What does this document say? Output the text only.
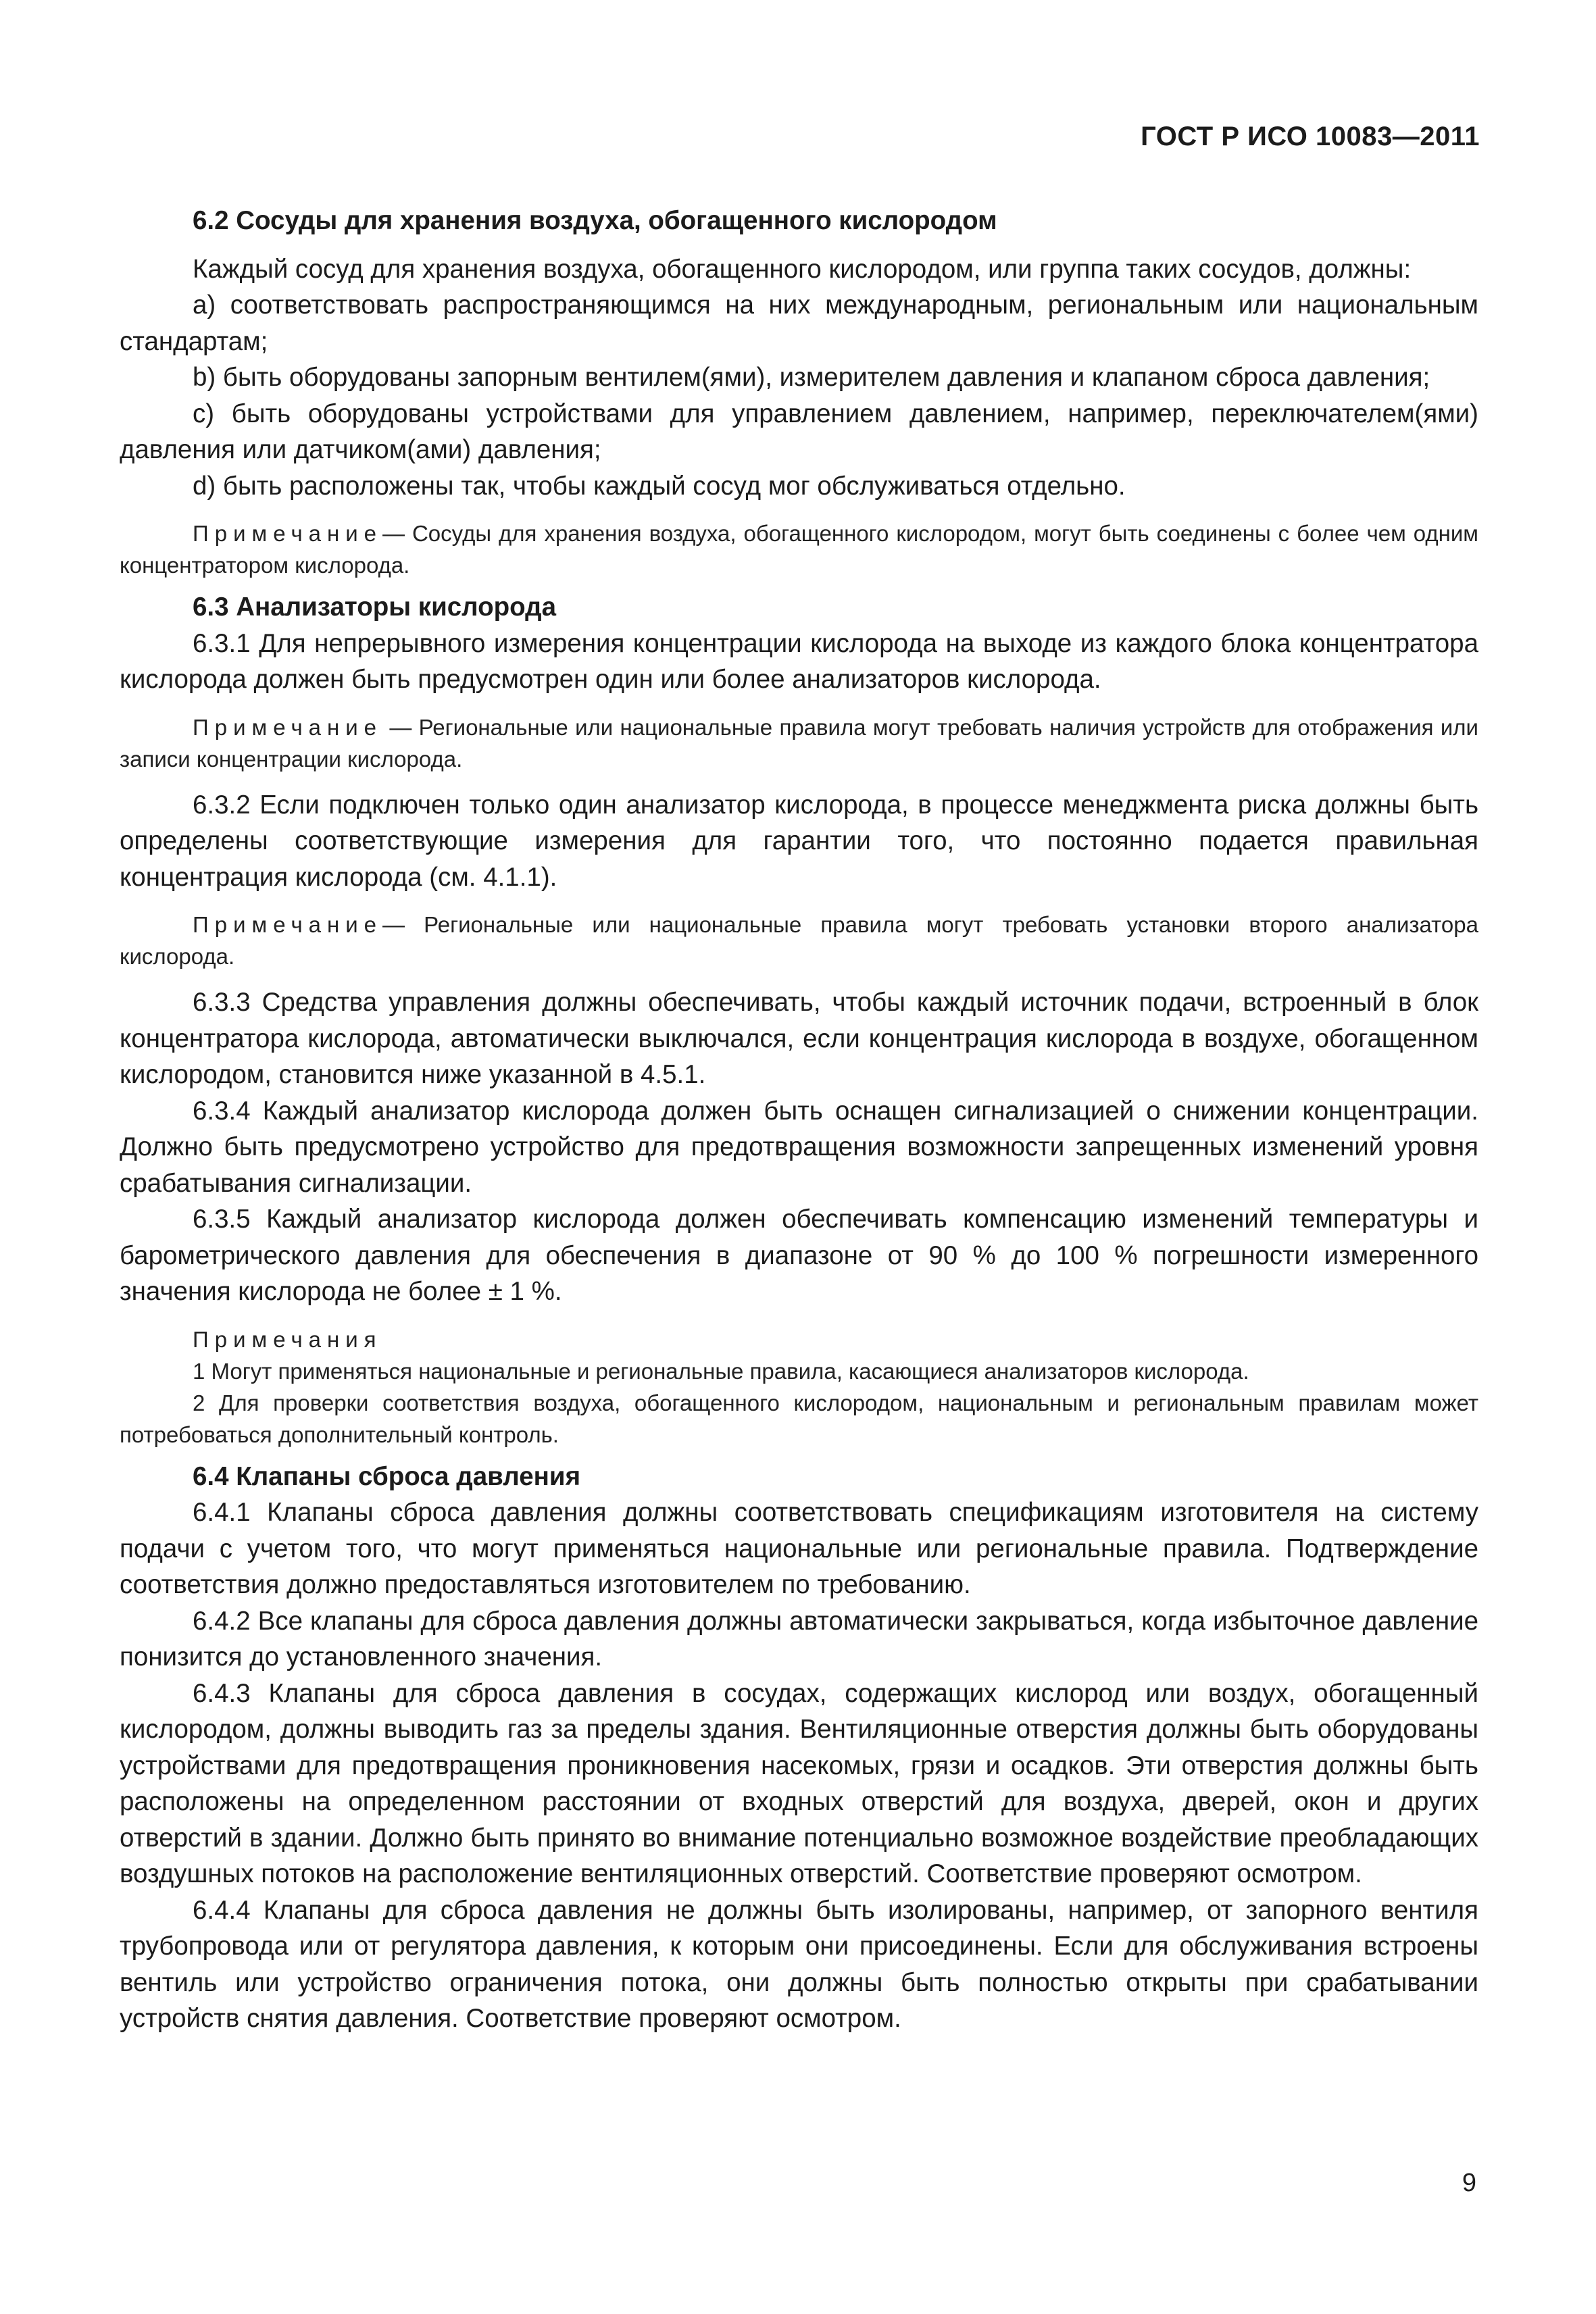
ГОСТ Р ИСО 10083—2011
6.2 Сосуды для хранения воздуха, обогащенного кислородом

Каждый сосуд для хранения воздуха, обогащенного кислородом, или группа таких сосудов, должны:

а) соответствовать распространяющимся на них международным, региональным или национальным стандартам;

b) быть оборудованы запорным вентилем(ями), измерителем давления и клапаном сброса давления;

с) быть оборудованы устройствами для управлением давлением, например, переключателем(ями) давления или датчиком(ами) давления;

d) быть расположены так, чтобы каждый сосуд мог обслуживаться отдельно.

Примечание— Сосуды для хранения воздуха, обогащенного кислородом, могут быть соединены с более чем одним концентратором кислорода.

6.3 Анализаторы кислорода

6.3.1 Для непрерывного измерения концентрации кислорода на выходе из каждого блока концентратора кислорода должен быть предусмотрен один или более анализаторов кислорода.

Примечание — Региональные или национальные правила могут требовать наличия устройств для отображения или записи концентрации кислорода.

6.3.2 Если подключен только один анализатор кислорода, в процессе менеджмента риска должны быть определены соответствующие измерения для гарантии того, что постоянно подается правильная концентрация кислорода (см. 4.1.1).

Примечание— Региональные или национальные правила могут требовать установки второго анализатора кислорода.

6.3.3 Средства управления должны обеспечивать, чтобы каждый источник подачи, встроенный в блок концентратора кислорода, автоматически выключался, если концентрация кислорода в воздухе, обогащенном кислородом, становится ниже указанной в 4.5.1.

6.3.4 Каждый анализатор кислорода должен быть оснащен сигнализацией о снижении концентрации. Должно быть предусмотрено устройство для предотвращения возможности запрещенных изменений уровня срабатывания сигнализации.

6.3.5 Каждый анализатор кислорода должен обеспечивать компенсацию изменений температуры и барометрического давления для обеспечения в диапазоне от 90 % до 100 % погрешности измеренного значения кислорода не более ± 1 %.

Примечания

1 Могут применяться национальные и региональные правила, касающиеся анализаторов кислорода.

2 Для проверки соответствия воздуха, обогащенного кислородом, национальным и региональным правилам может потребоваться дополнительный контроль.

6.4 Клапаны сброса давления

6.4.1 Клапаны сброса давления должны соответствовать спецификациям изготовителя на систему подачи с учетом того, что могут применяться национальные или региональные правила. Подтверждение соответствия должно предоставляться изготовителем по требованию.

6.4.2 Все клапаны для сброса давления должны автоматически закрываться, когда избыточное давление понизится до установленного значения.

6.4.3 Клапаны для сброса давления в сосудах, содержащих кислород или воздух, обогащенный кислородом, должны выводить газ за пределы здания. Вентиляционные отверстия должны быть оборудованы устройствами для предотвращения проникновения насекомых, грязи и осадков. Эти отверстия должны быть расположены на определенном расстоянии от входных отверстий для воздуха, дверей, окон и других отверстий в здании. Должно быть принято во внимание потенциально возможное воздействие преобладающих воздушных потоков на расположение вентиляционных отверстий. Соответствие проверяют осмотром.

6.4.4 Клапаны для сброса давления не должны быть изолированы, например, от запорного вентиля трубопровода или от регулятора давления, к которым они присоединены. Если для обслуживания встроены вентиль или устройство ограничения потока, они должны быть полностью открыты при срабатывании устройств снятия давления. Соответствие проверяют осмотром.

9
